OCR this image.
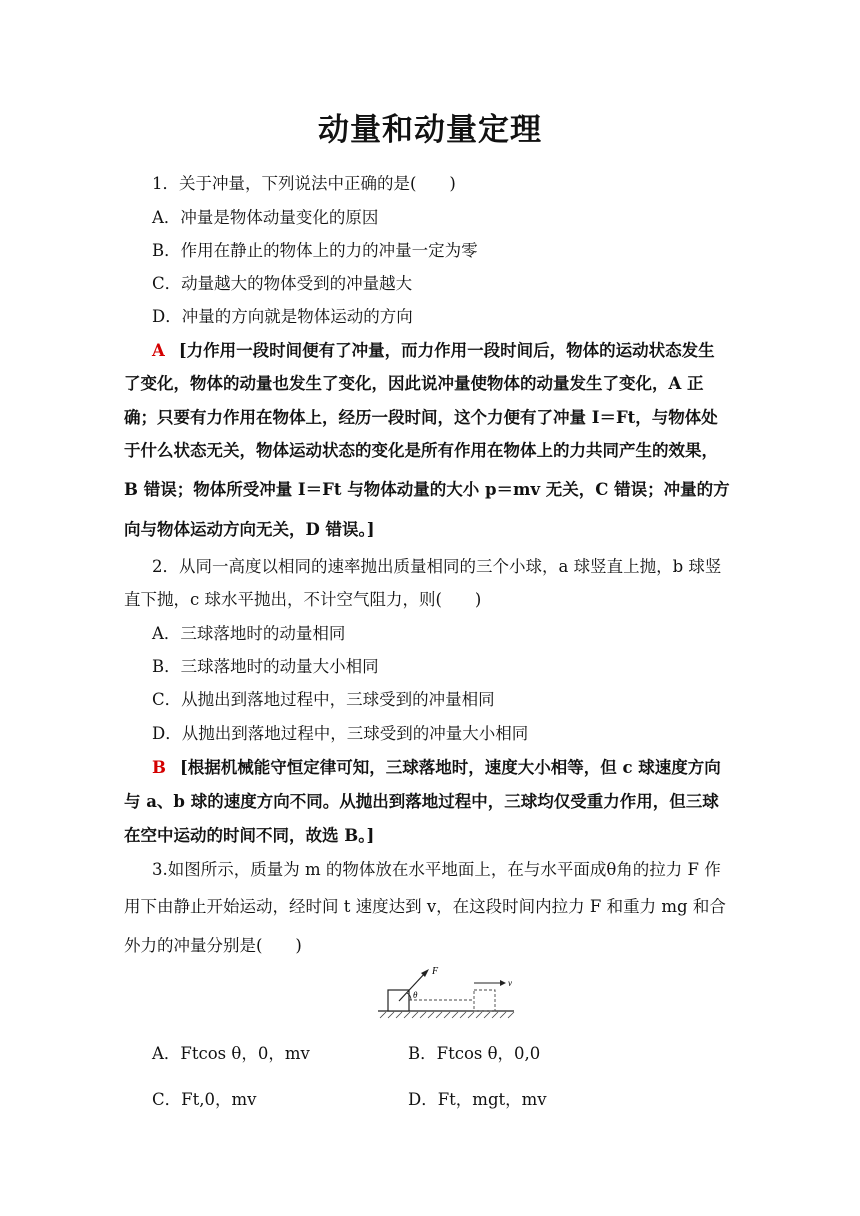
动量和动量定理
1．关于冲量，下列说法中正确的是(　　)
A．冲量是物体动量变化的原因
B．作用在静止的物体上的力的冲量一定为零
C．动量越大的物体受到的冲量越大
D．冲量的方向就是物体运动的方向
A [力作用一段时间便有了冲量，而力作用一段时间后，物体的运动状态发生
了变化，物体的动量也发生了变化，因此说冲量使物体的动量发生了变化，A 正
确；只要有力作用在物体上，经历一段时间，这个力便有了冲量 I＝Ft，与物体处
于什么状态无关，物体运动状态的变化是所有作用在物体上的力共同产生的效果，
B 错误；物体所受冲量 I＝Ft 与物体动量的大小 p＝mv 无关，C 错误；冲量的方
向与物体运动方向无关，D 错误。]
2．从同一高度以相同的速率抛出质量相同的三个小球，a 球竖直上抛，b 球竖
直下抛，c 球水平抛出，不计空气阻力，则(　　)
A．三球落地时的动量相同
B．三球落地时的动量大小相同
C．从抛出到落地过程中，三球受到的冲量相同
D．从抛出到落地过程中，三球受到的冲量大小相同
B [根据机械能守恒定律可知，三球落地时，速度大小相等，但 c 球速度方向
与 a、b 球的速度方向不同。从抛出到落地过程中，三球均仅受重力作用，但三球
在空中运动的时间不同，故选 B。]
3.如图所示，质量为 m 的物体放在水平地面上，在与水平面成θ角的拉力 F 作
用下由静止开始运动，经时间 t 速度达到 v，在这段时间内拉力 F 和重力 mg 和合
外力的冲量分别是(　　)
F
θ
v
A．Ftcos θ，0，mv	B．Ftcos θ，0,0
C．Ft,0，mv	D．Ft，mgt，mv
